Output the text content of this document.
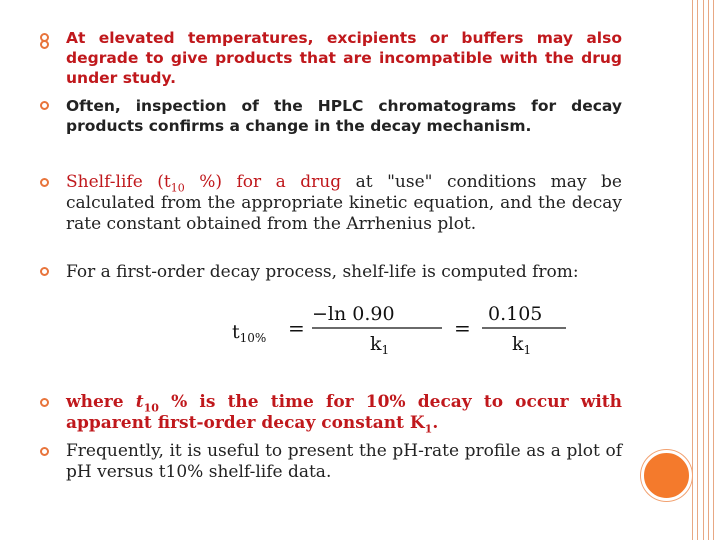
At elevated temperatures, excipients or buffers may also degrade to give products that are incompatible with the drug under study.

Often, inspection of the HPLC chromatograms for decay products confirms a change in the decay mechanism.

Shelf-life ($t_{10}$ %) for a drug at "use" conditions may be calculated from the appropriate kinetic equation, and the decay rate constant obtained from the Arrhenius plot.

For a first-order decay process, shelf-life is computed from:

$t_{10\%}$ =
−ln 0.90
$k_1$
=
0.105
$k_1$

where $t_{10}$ % is the time for 10% decay to occur with apparent first-order decay constant $K_1$.

Frequently, it is useful to present the pH-rate profile as a plot of pH versus t10% shelf-life data.
